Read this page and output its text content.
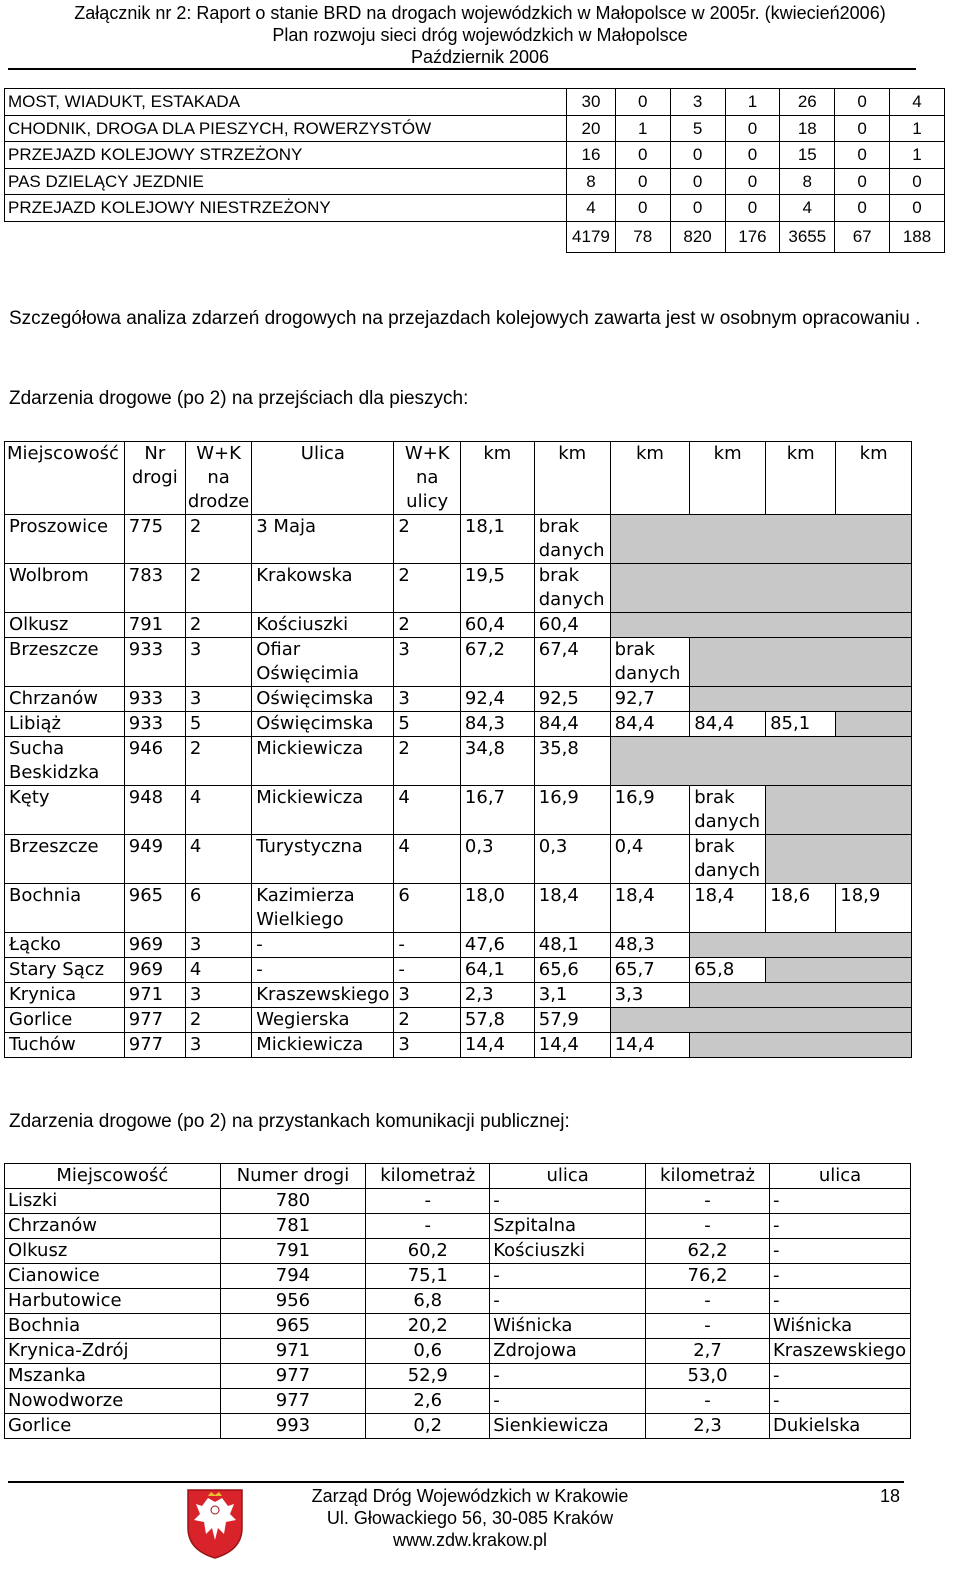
Załącznik nr 2: Raport o stanie BRD na drogach wojewódzkich w Małopolsce w 2005r. (kwiecień2006)
Plan rozwoju sieci dróg wojewódzkich w Małopolsce
Październik 2006
MOST, WIADUKT, ESTAKADA	30	0	3	1	26	0	4
CHODNIK, DROGA DLA PIESZYCH, ROWERZYSTÓW	20	1	5	0	18	0	1
PRZEJAZD KOLEJOWY STRZEŻONY	16	0	0	0	15	0	1
PAS DZIELĄCY JEZDNIE	8	0	0	0	8	0	0
PRZEJAZD KOLEJOWY NIESTRZEŻONY	4	0	0	0	4	0	0
	4179	78	820	176	3655	67	188
Szczegółowa analiza zdarzeń drogowych na przejazdach kolejowych zawarta jest w osobnym opracowaniu .
Zdarzenia drogowe (po 2) na przejściach dla pieszych:
Miejscowość	Nr drogi	W+K na drodze	Ulica	W+K na ulicy	km	km	km	km	km	km
Proszowice	775	2	3 Maja	2	18,1	brak danych				
Wolbrom	783	2	Krakowska	2	19,5	brak danych				
Olkusz	791	2	Kościuszki	2	60,4	60,4				
Brzeszcze	933	3	Ofiar Oświęcimia	3	67,2	67,4	brak danych			
Chrzanów	933	3	Oświęcimska	3	92,4	92,5	92,7			
Libiąż	933	5	Oświęcimska	5	84,3	84,4	84,4	84,4	85,1	
Sucha Beskidzka	946	2	Mickiewicza	2	34,8	35,8				
Kęty	948	4	Mickiewicza	4	16,7	16,9	16,9	brak danych		
Brzeszcze	949	4	Turystyczna	4	0,3	0,3	0,4	brak danych		
Bochnia	965	6	Kazimierza Wielkiego	6	18,0	18,4	18,4	18,4	18,6	18,9
Łącko	969	3	-	-	47,6	48,1	48,3			
Stary Sącz	969	4	-	-	64,1	65,6	65,7	65,8		
Krynica	971	3	Kraszewskiego	3	2,3	3,1	3,3			
Gorlice	977	2	Wegierska	2	57,8	57,9				
Tuchów	977	3	Mickiewicza	3	14,4	14,4	14,4			
Zdarzenia drogowe (po 2) na przystankach komunikacji publicznej:
Miejscowość	Numer drogi	kilometraż	ulica	kilometraż	ulica
Liszki	780	-	-	-	-
Chrzanów	781	-	Szpitalna	-	-
Olkusz	791	60,2	Kościuszki	62,2	-
Cianowice	794	75,1	-	76,2	-
Harbutowice	956	6,8	-	-	-
Bochnia	965	20,2	Wiśnicka	-	Wiśnicka
Krynica-Zdrój	971	0,6	Zdrojowa	2,7	Kraszewskiego
Mszanka	977	52,9	-	53,0	-
Nowodworze	977	2,6	-	-	-
Gorlice	993	0,2	Sienkiewicza	2,3	Dukielska
Zarząd Dróg Wojewódzkich w Krakowie
Ul. Głowackiego 56, 30-085 Kraków
www.zdw.krakow.pl
18
